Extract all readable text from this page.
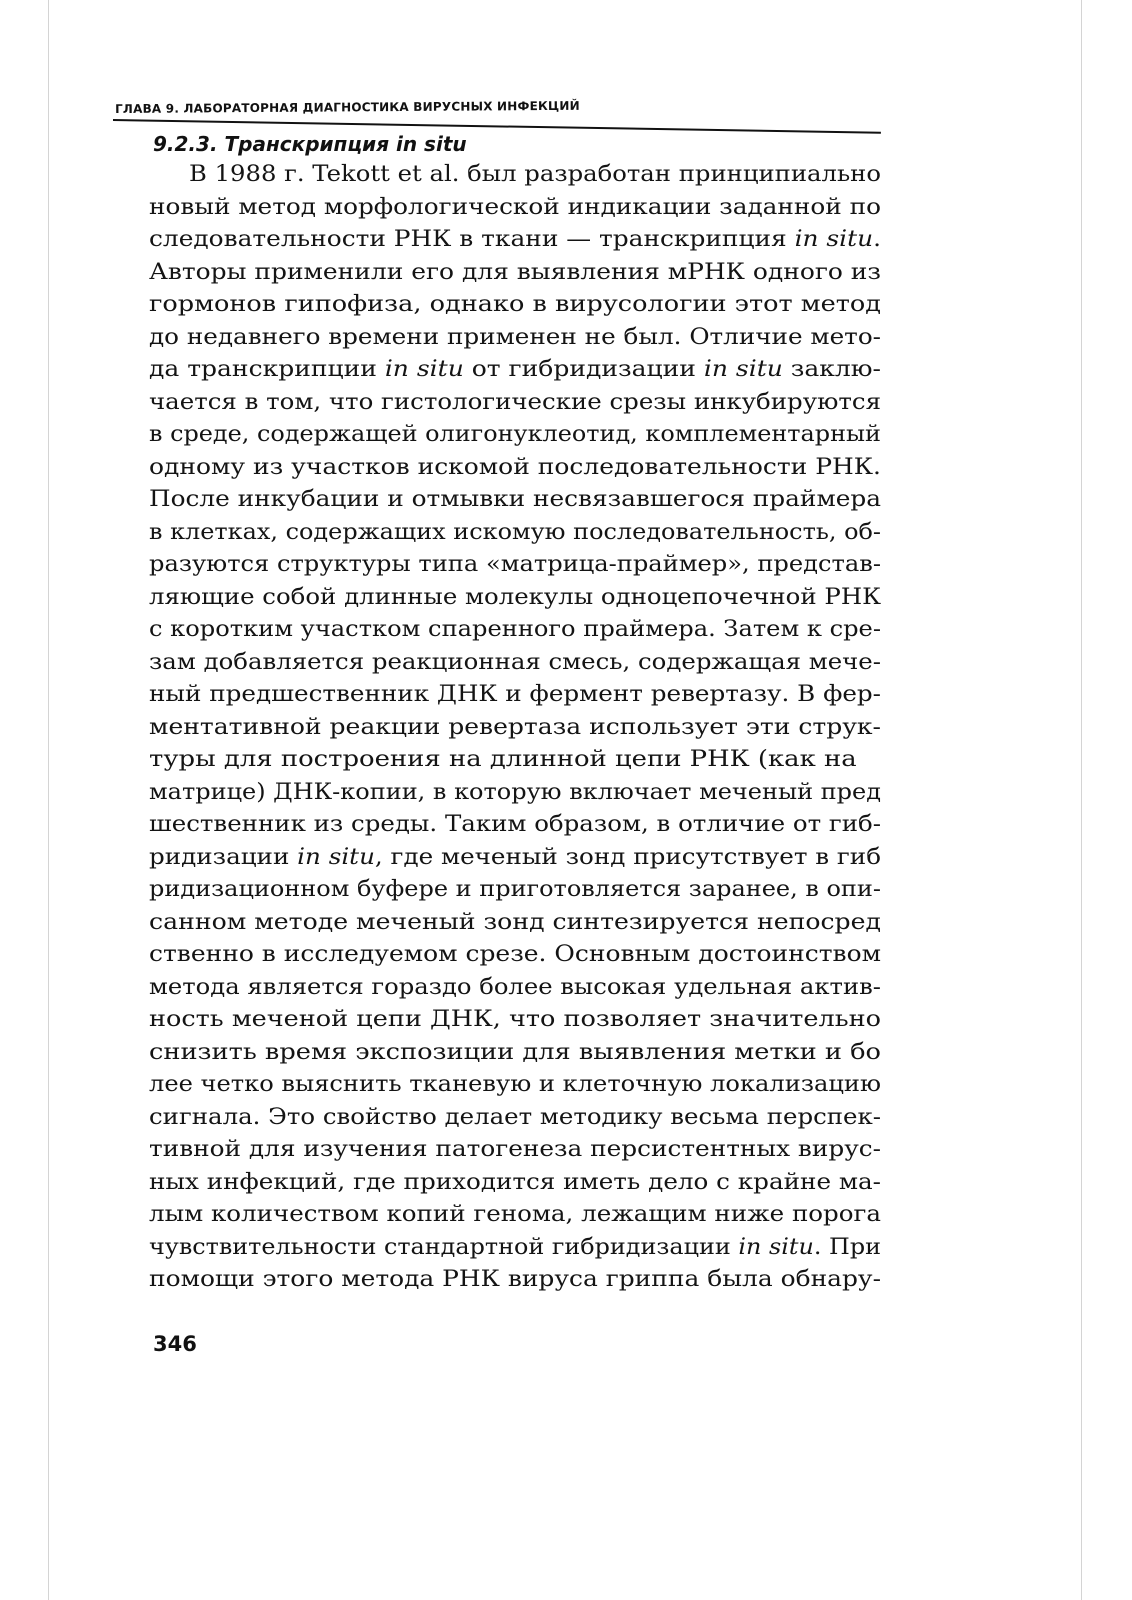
ГЛАВА 9. ЛАБОРАТОРНАЯ ДИАГНОСТИКА ВИРУСНЫХ ИНФЕКЦИЙ
9.2.3. Транскрипция in situ
В 1988 г. Tekott et al. был разработан принципиально
новый метод морфологической индикации заданной по
следовательности РНК в ткани — транскрипция in situ.
Авторы применили его для выявления мРНК одного из
гормонов гипофиза, однако в вирусологии этот метод
до недавнего времени применен не был. Отличие мето-
да транскрипции in situ от гибридизации in situ заклю-
чается в том, что гистологические срезы инкубируются
в среде, содержащей олигонуклеотид, комплементарный
одному из участков искомой последовательности РНК.
После инкубации и отмывки несвязавшегося праймера
в клетках, содержащих искомую последовательность, об-
разуются структуры типа «матрица-праймер», представ-
ляющие собой длинные молекулы одноцепочечной РНК
с коротким участком спаренного праймера. Затем к сре-
зам добавляется реакционная смесь, содержащая мече-
ный предшественник ДНК и фермент ревертазу. В фер-
ментативной реакции ревертаза использует эти струк-
туры для построения на длинной цепи РНК (как на
матрице) ДНК-копии, в которую включает меченый пред
шественник из среды. Таким образом, в отличие от гиб-
ридизации in situ, где меченый зонд присутствует в гиб
ридизационном буфере и приготовляется заранее, в опи-
санном методе меченый зонд синтезируется непосред
ственно в исследуемом срезе. Основным достоинством
метода является гораздо более высокая удельная актив-
ность меченой цепи ДНК, что позволяет значительно
снизить время экспозиции для выявления метки и бо
лее четко выяснить тканевую и клеточную локализацию
сигнала. Это свойство делает методику весьма перспек-
тивной для изучения патогенеза персистентных вирус-
ных инфекций, где приходится иметь дело с крайне ма-
лым количеством копий генома, лежащим ниже порога
чувствительности стандартной гибридизации in situ. При
помощи этого метода РНК вируса гриппа была обнару-
346
